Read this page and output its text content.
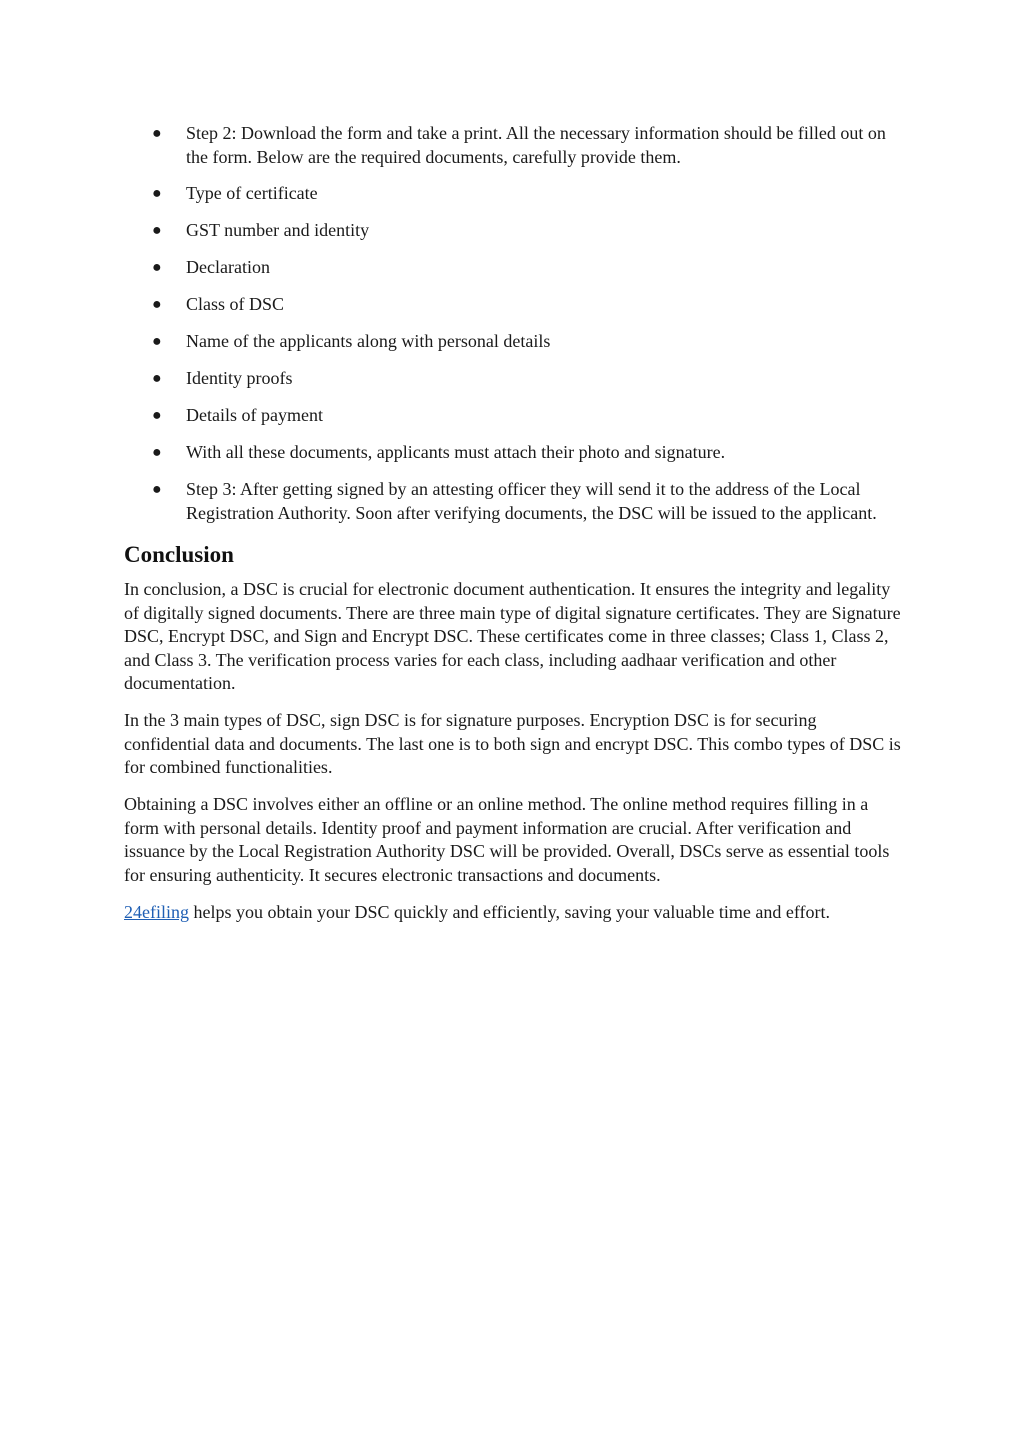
● Step 2: Download the form and take a print. All the necessary information should be filled out on the form. Below are the required documents, carefully provide them.
● Type of certificate
● GST number and identity
● Declaration
● Class of DSC
● Name of the applicants along with personal details
● Identity proofs
● Details of payment
● With all these documents, applicants must attach their photo and signature.
● Step 3: After getting signed by an attesting officer they will send it to the address of the Local Registration Authority. Soon after verifying documents, the DSC will be issued to the applicant.
Conclusion

In conclusion, a DSC is crucial for electronic document authentication. It ensures the integrity and legality of digitally signed documents. There are three main type of digital signature certificates. They are Signature DSC, Encrypt DSC, and Sign and Encrypt DSC. These certificates come in three classes; Class 1, Class 2, and Class 3. The verification process varies for each class, including aadhaar verification and other documentation.

In the 3 main types of DSC, sign DSC is for signature purposes. Encryption DSC is for securing confidential data and documents. The last one is to both sign and encrypt DSC. This combo types of DSC is for combined functionalities.

Obtaining a DSC involves either an offline or an online method. The online method requires filling in a form with personal details. Identity proof and payment information are crucial. After verification and issuance by the Local Registration Authority DSC will be provided. Overall, DSCs serve as essential tools for ensuring authenticity. It secures electronic transactions and documents.

24efiling helps you obtain your DSC quickly and efficiently, saving your valuable time and effort.
